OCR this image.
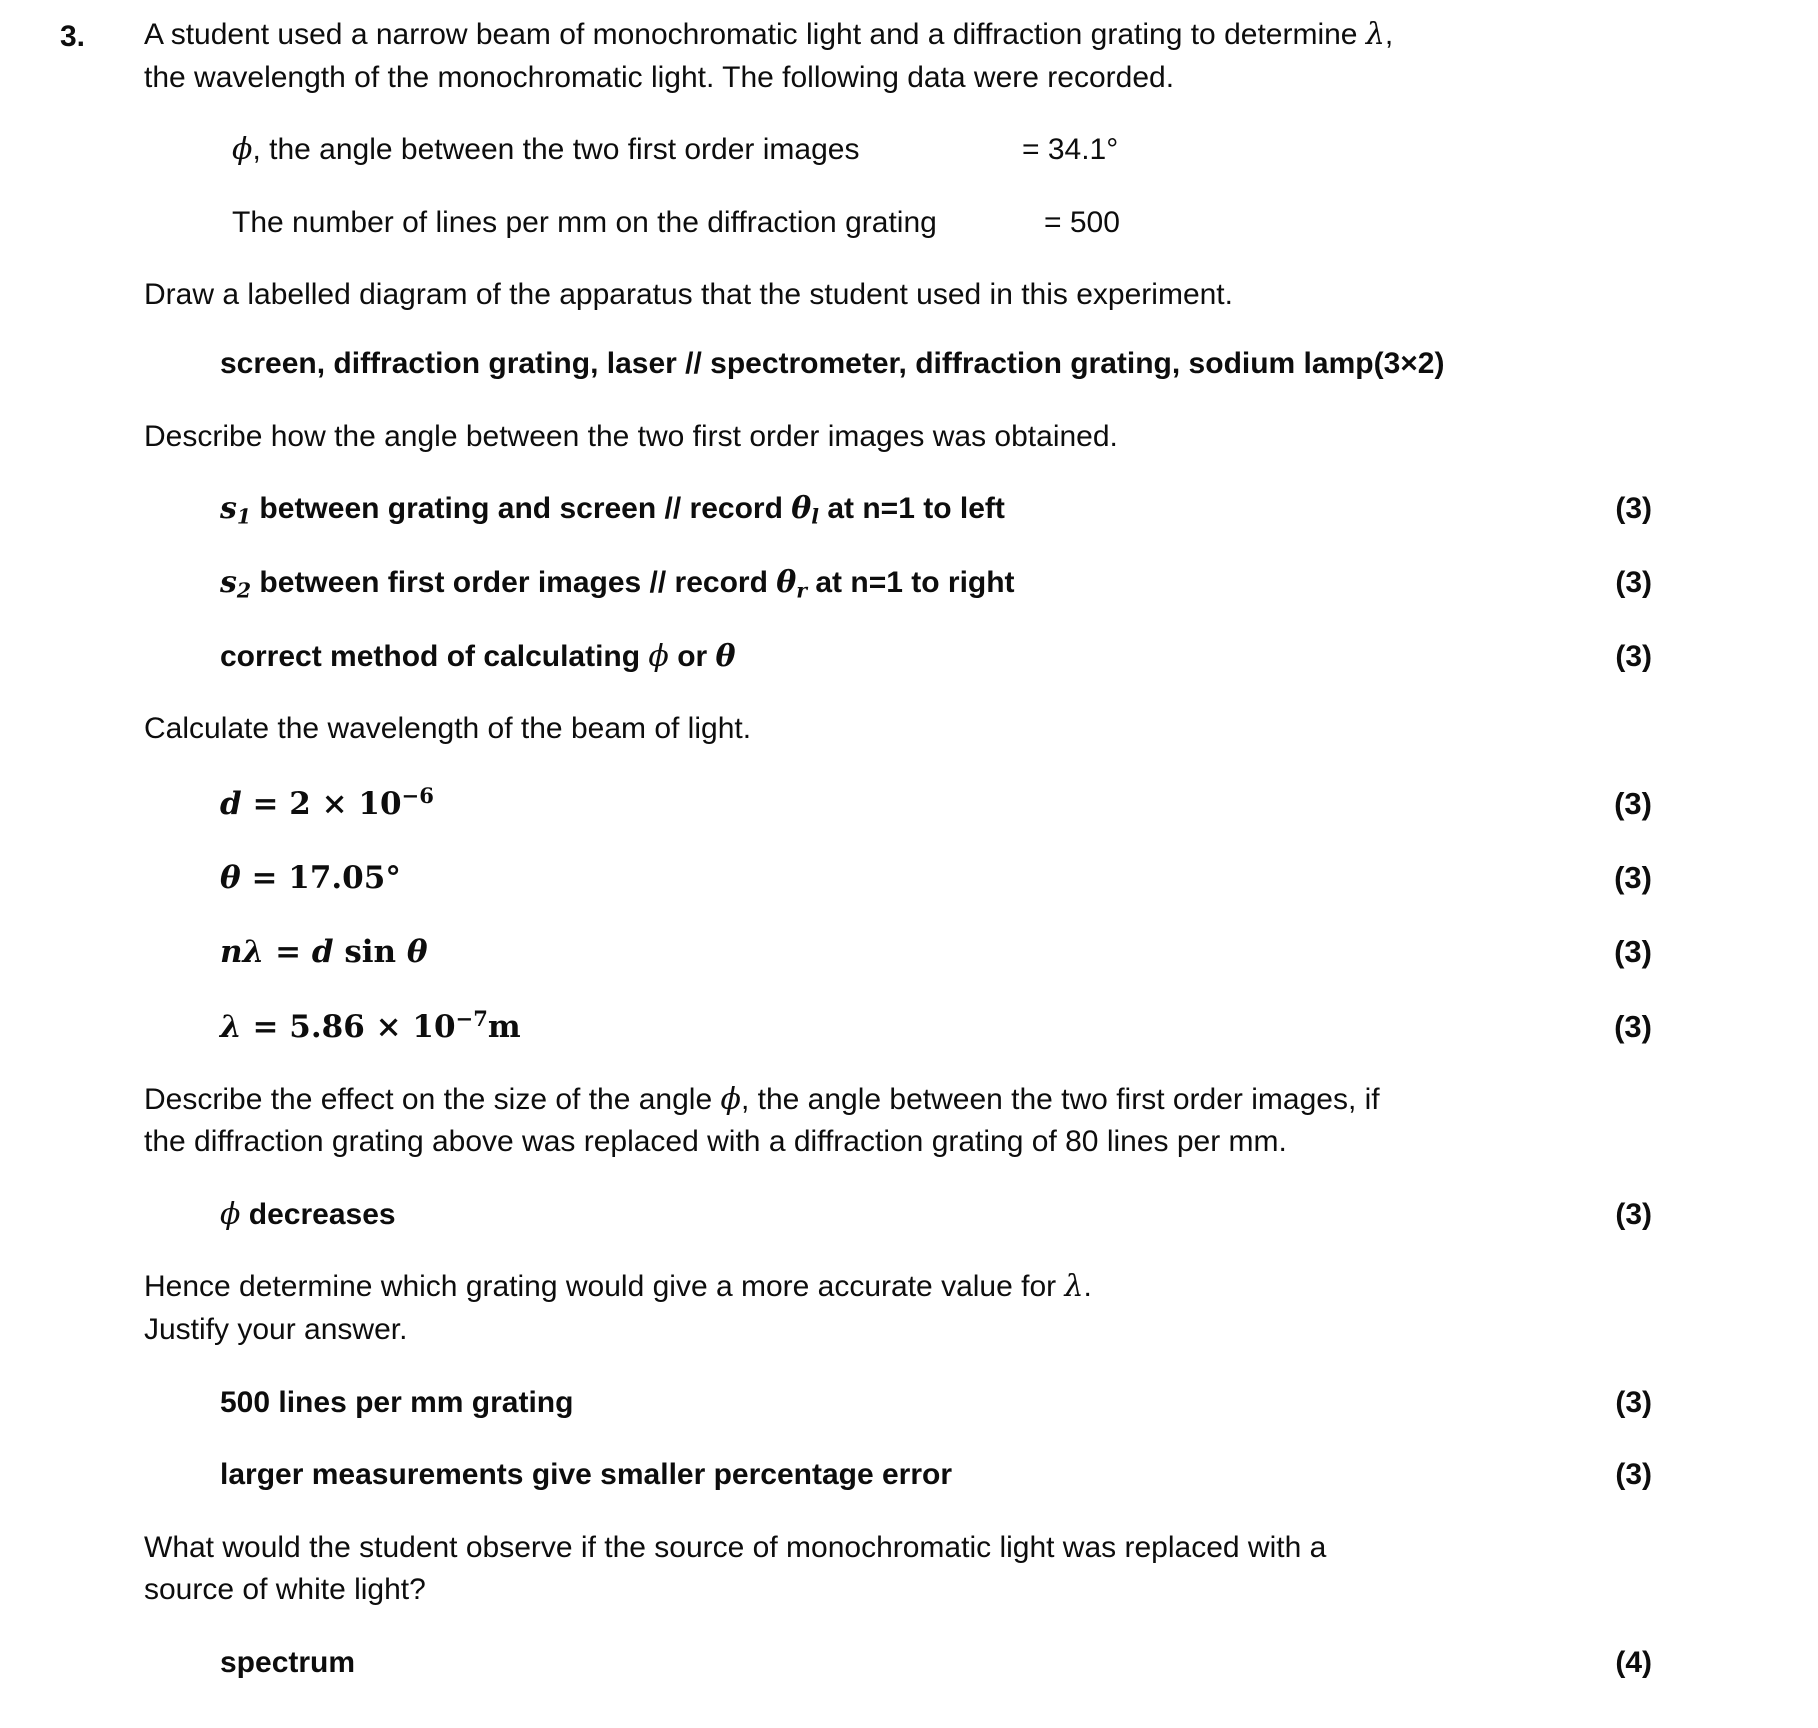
3.	A student used a narrow beam of monochromatic light and a diffraction grating to determine λ,
the wavelength of the monochromatic light. The following data were recorded.

ϕ, the angle between the two first order images	= 34.1°
The number of lines per mm on the diffraction grating	= 500

Draw a labelled diagram of the apparatus that the student used in this experiment.

screen, diffraction grating, laser // spectrometer, diffraction grating, sodium lamp(3×2)

Describe how the angle between the two first order images was obtained.

$s_1$ between grating and screen // record $\theta_l$ at n=1 to left	(3)
$s_2$ between first order images // record $\theta_r$ at n=1 to right	(3)
correct method of calculating ϕ or θ	(3)

Calculate the wavelength of the beam of light.

$d = 2 \times 10^{-6}$	(3)
θ = 17.05°	(3)
nλ = d sin θ	(3)
$\lambda = 5.86 \times 10^{-7}m$	(3)

Describe the effect on the size of the angle ϕ, the angle between the two first order images, if
the diffraction grating above was replaced with a diffraction grating of 80 lines per mm.

ϕ decreases	(3)

Hence determine which grating would give a more accurate value for λ.
Justify your answer.

500 lines per mm grating	(3)
larger measurements give smaller percentage error	(3)

What would the student observe if the source of monochromatic light was replaced with a
source of white light?

spectrum	(4)
